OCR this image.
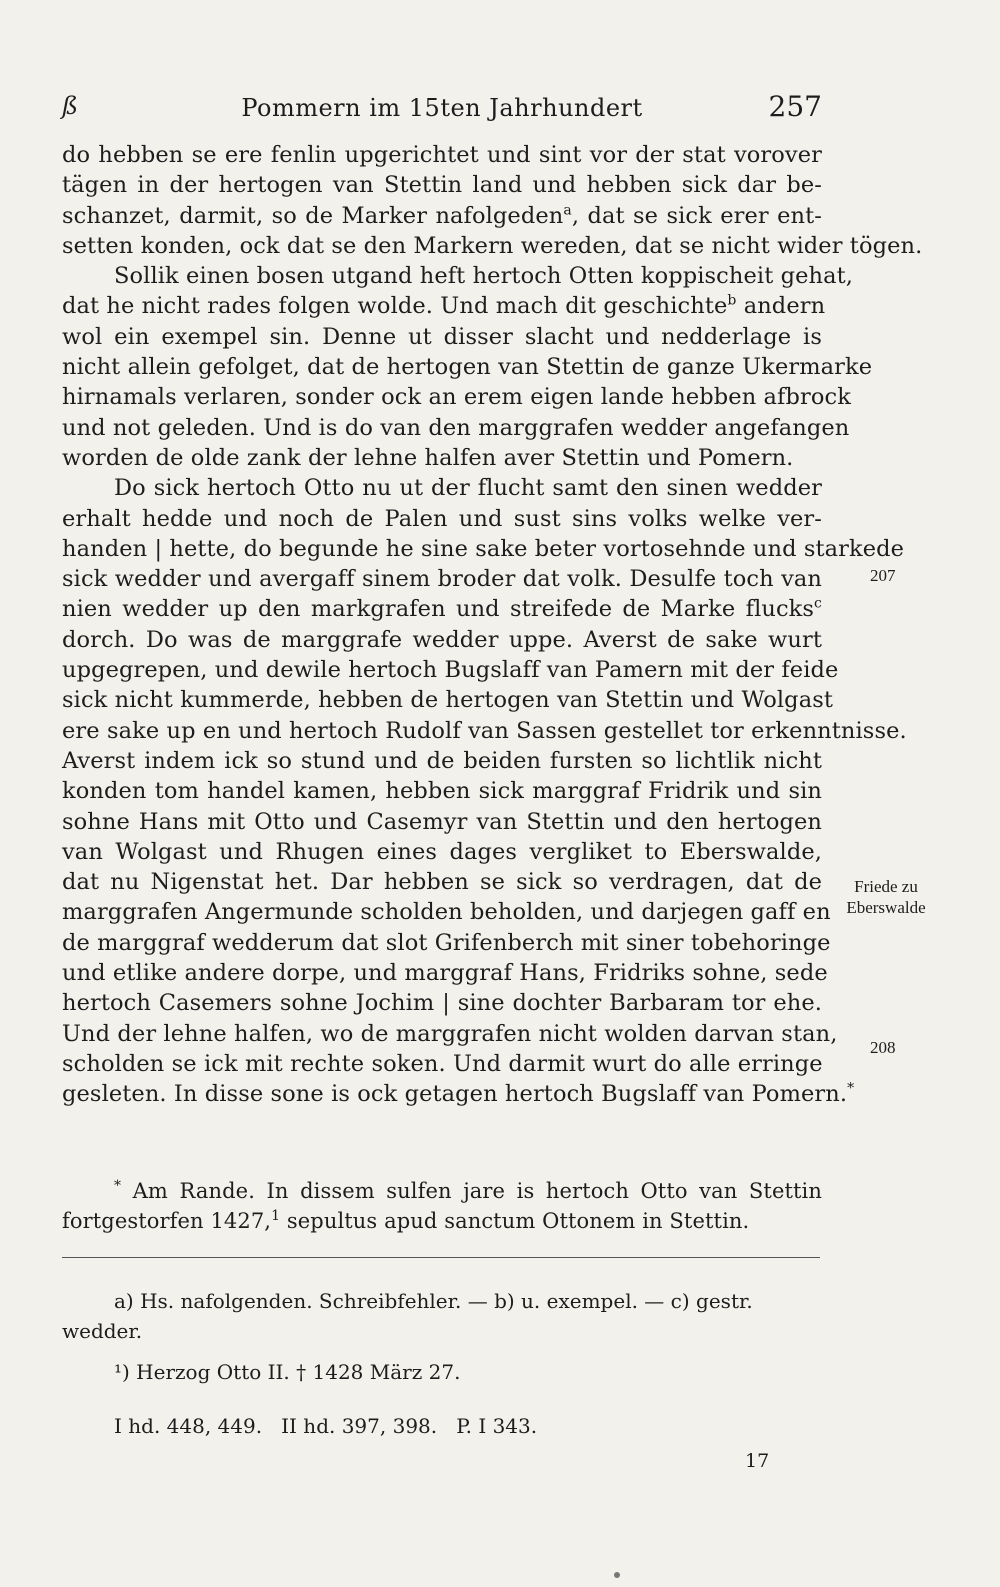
ß	Pommern im 15ten Jahrhundert	257
do hebben se ere fenlin upgerichtet und sint vor der stat vorover
tägen in der hertogen van Stettin land und hebben sick dar be-
schanzet, darmit, so de Marker nafolgeden$^a$, dat se sick erer ent-
setten konden, ock dat se den Markern wereden, dat se nicht wider tögen.
Sollik einen bosen utgand heft hertoch Otten koppischeit gehat,
dat he nicht rades folgen wolde. Und mach dit geschichte$^b$ andern
wol ein exempel sin. Denne ut disser slacht und nedderlage is
nicht allein gefolget, dat de hertogen van Stettin de ganze Ukermarke
hirnamals verlaren, sonder ock an erem eigen lande hebben afbrock
und not geleden. Und is do van den marggrafen wedder angefangen
worden de olde zank der lehne halfen aver Stettin und Pomern.
Do sick hertoch Otto nu ut der flucht samt den sinen wedder
erhalt hedde und noch de Palen und sust sins volks welke ver-
handen | hette, do begunde he sine sake beter vortosehnde und starkede
sick wedder und avergaff sinem broder dat volk. Desulfe toch van
nien wedder up den markgrafen und streifede de Marke flucks$^c$
dorch. Do was de marggrafe wedder uppe. Averst de sake wurt
upgegrepen, und dewile hertoch Bugslaff van Pamern mit der feide
sick nicht kummerde, hebben de hertogen van Stettin und Wolgast
ere sake up en und hertoch Rudolf van Sassen gestellet tor erkenntnisse.
Averst indem ick so stund und de beiden fursten so lichtlik nicht
konden tom handel kamen, hebben sick marggraf Fridrik und sin
sohne Hans mit Otto und Casemyr van Stettin und den hertogen
van Wolgast und Rhugen eines dages vergliket to Eberswalde,
dat nu Nigenstat het. Dar hebben se sick so verdragen, dat de
marggrafen Angermunde scholden beholden, und darjegen gaff en
de marggraf wedderum dat slot Grifenberch mit siner tobehoringe
und etlike andere dorpe, und marggraf Hans, Fridriks sohne, sede
hertoch Casemers sohne Jochim | sine dochter Barbaram tor ehe.
Und der lehne halfen, wo de marggrafen nicht wolden darvan stan,
scholden se ick mit rechte soken. Und darmit wurt do alle erringe
gesleten. In disse sone is ock getagen hertoch Bugslaff van Pomern.*
207
208
Friede zu
Eberswalde
* Am Rande. In dissem sulfen jare is hertoch Otto van Stettin
fortgestorfen 1427,$^1$ sepultus apud sanctum Ottonem in Stettin.
a) Hs. nafolgenden. Schreibfehler. — b) u. exempel. — c) gestr.
wedder.
¹) Herzog Otto II. † 1428 März 27.
I hd. 448, 449.   II hd. 397, 398.   P. I 343.
17
